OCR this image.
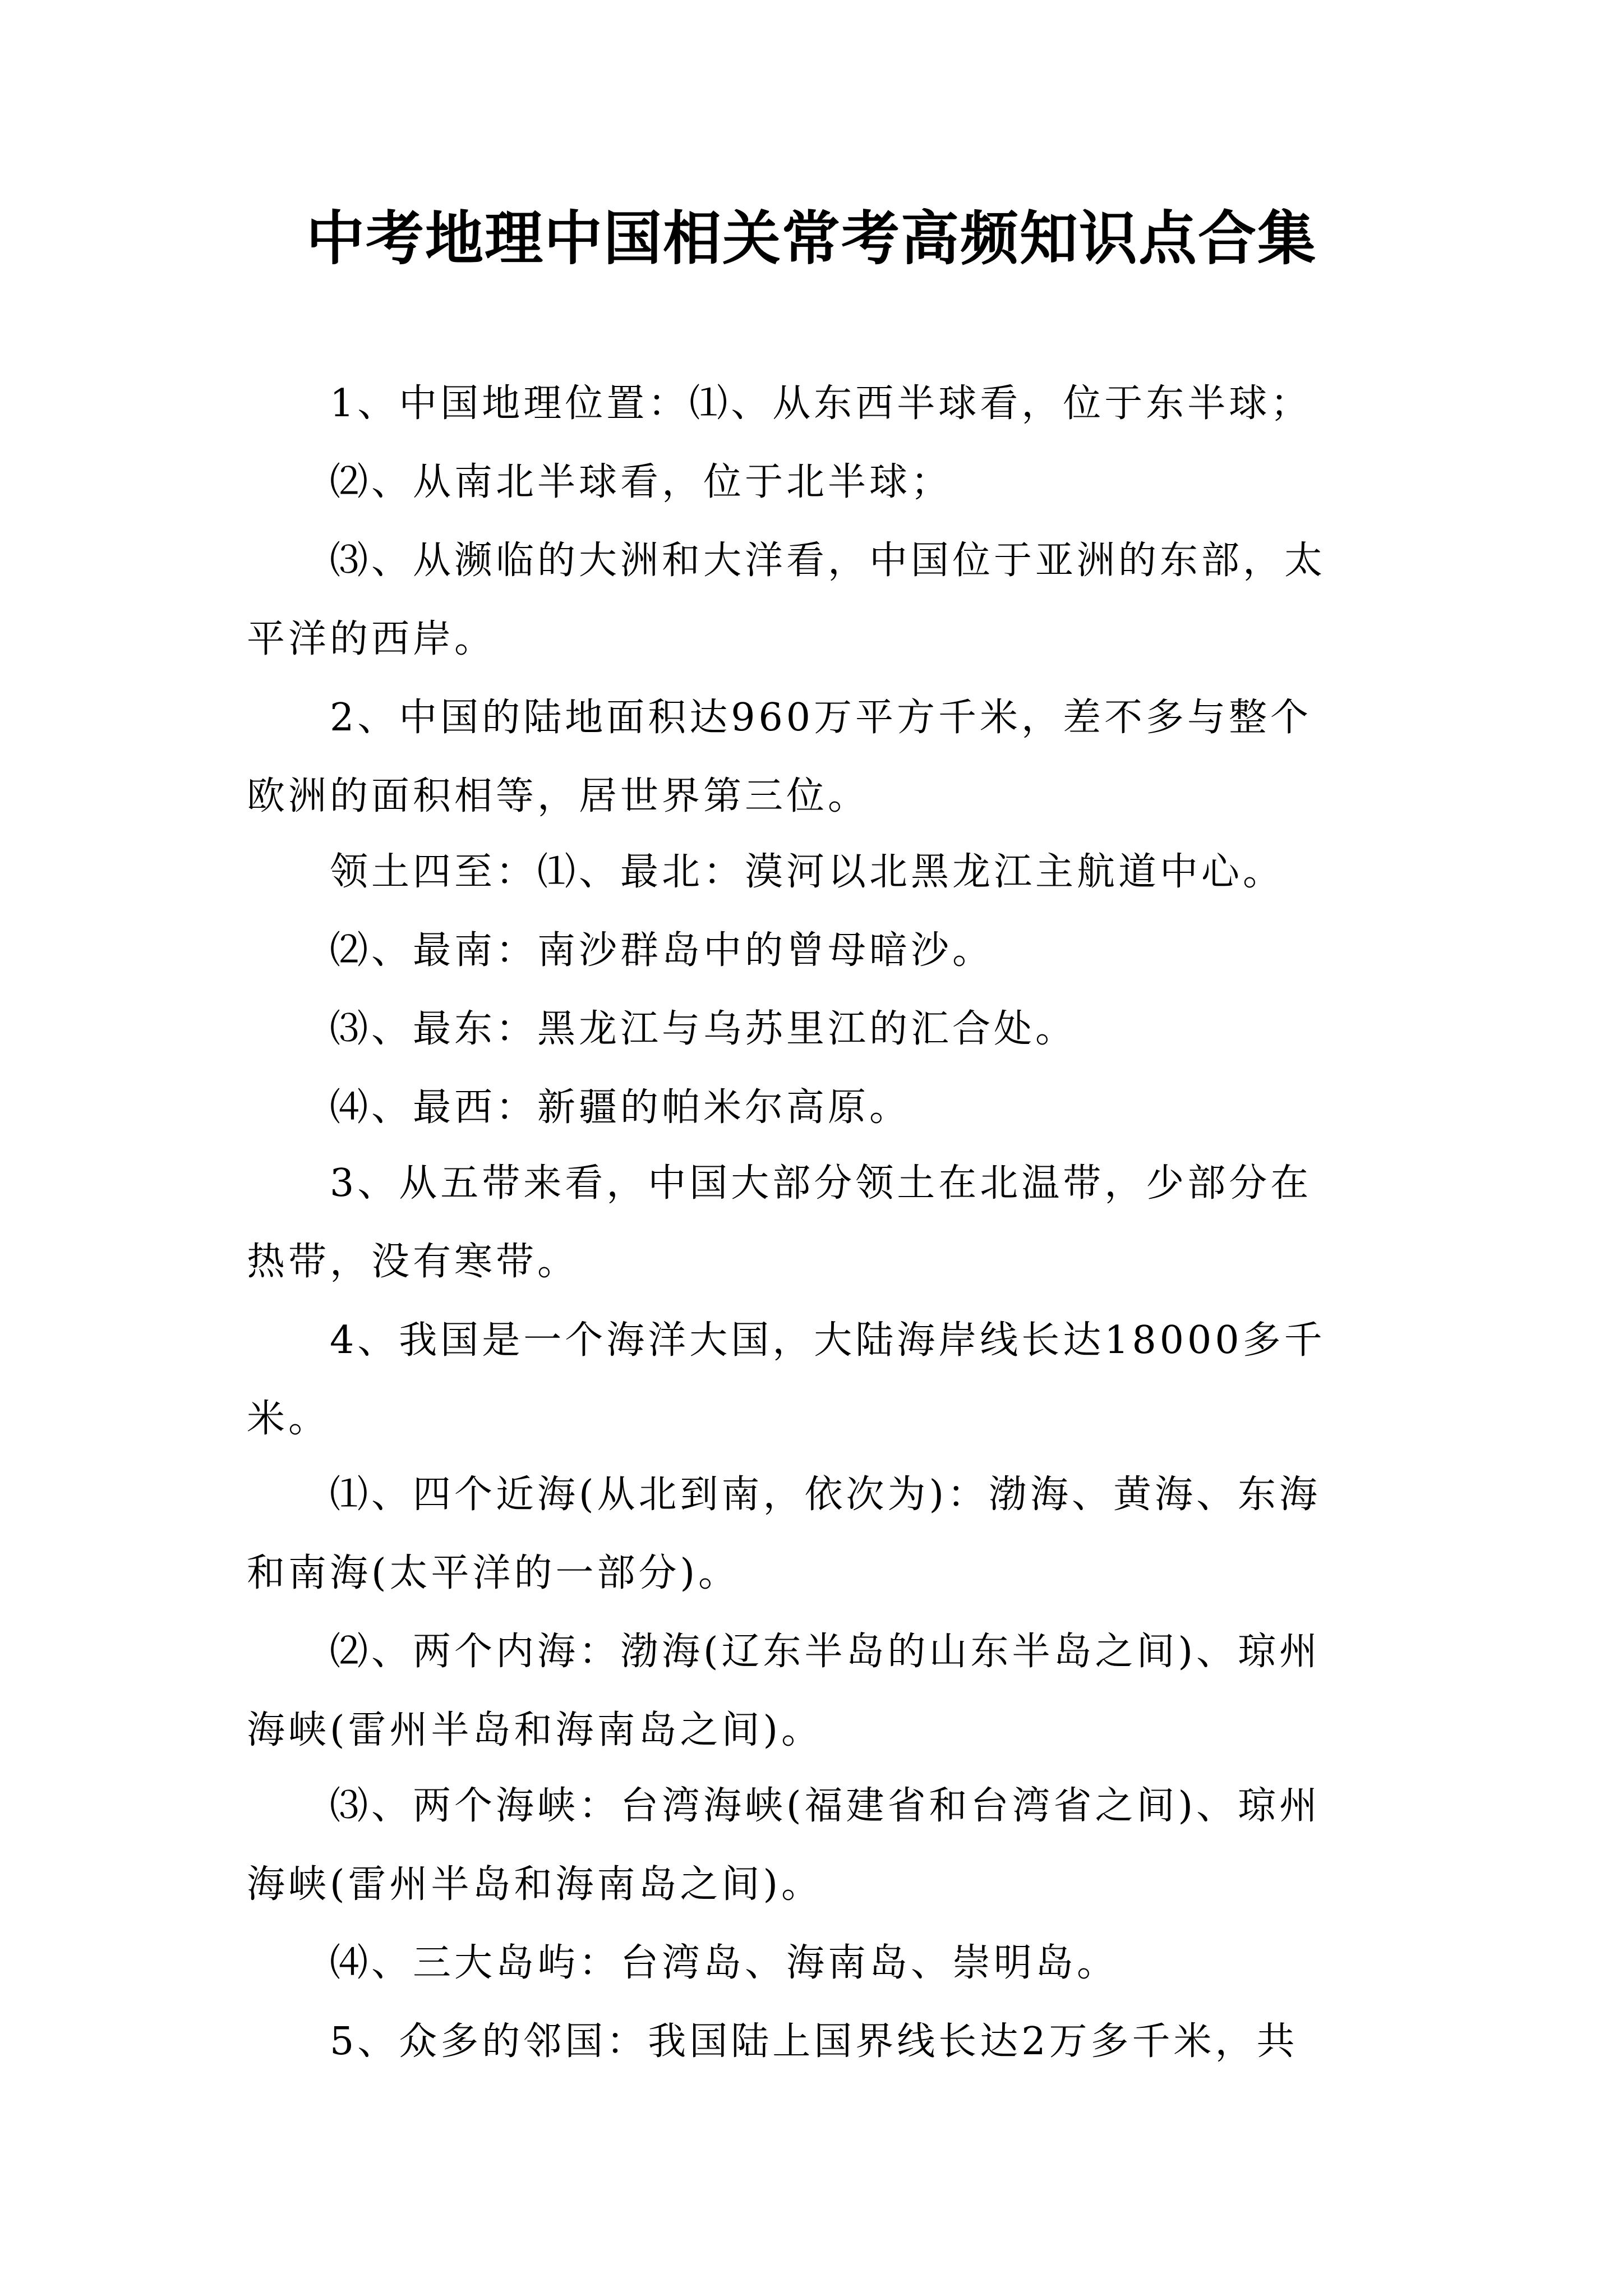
中考地理中国相关常考高频知识点合集
1、中国地理位置：⑴、从东西半球看，位于东半球；
⑵、从南北半球看，位于北半球；
⑶、从濒临的大洲和大洋看，中国位于亚洲的东部，太
平洋的西岸。
2、中国的陆地面积达960万平方千米，差不多与整个
欧洲的面积相等，居世界第三位。
领土四至：⑴、最北：漠河以北黑龙江主航道中心。
⑵、最南：南沙群岛中的曾母暗沙。
⑶、最东：黑龙江与乌苏里江的汇合处。
⑷、最西：新疆的帕米尔高原。
3、从五带来看，中国大部分领土在北温带，少部分在
热带，没有寒带。
4、我国是一个海洋大国，大陆海岸线长达18000多千
米。
⑴、四个近海(从北到南，依次为)：渤海、黄海、东海
和南海(太平洋的一部分)。
⑵、两个内海：渤海(辽东半岛的山东半岛之间)、琼州
海峡(雷州半岛和海南岛之间)。
⑶、两个海峡：台湾海峡(福建省和台湾省之间)、琼州
海峡(雷州半岛和海南岛之间)。
⑷、三大岛屿：台湾岛、海南岛、崇明岛。
5、众多的邻国：我国陆上国界线长达2万多千米，共
